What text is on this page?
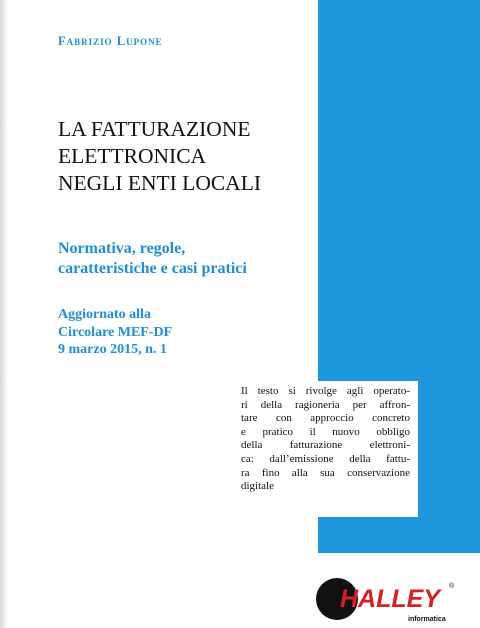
Fabrizio Lupone
LA FATTURAZIONE
ELETTRONICA
NEGLI ENTI LOCALI
Normativa, regole,
caratteristiche e casi pratici
Aggiornato alla
Circolare MEF-DF
9 marzo 2015, n. 1

Il testo si rivolge agli operato-
ri della ragioneria per affron-
tare con approccio concreto
e pratico il nuovo obbligo
della fatturazione elettroni-
ca: dall’emissione della fattu-
ra fino alla sua conservazione
digitale

HALLEY ®
informatica
